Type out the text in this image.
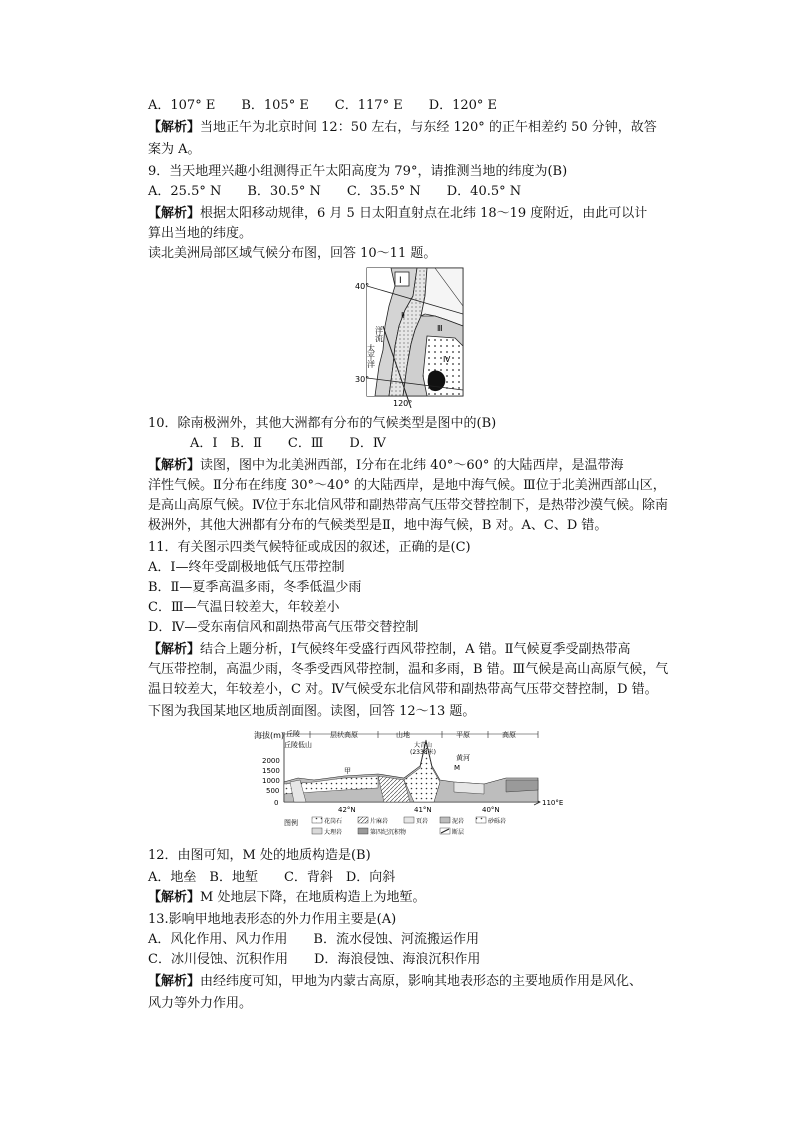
A．107° E　　B．105° E　　C．117° E　　D．120° E
【解析】当地正午为北京时间 12：50 左右，与东经 120° 的正午相差约 50 分钟，故答
案为 A。
9．当天地理兴趣小组测得正午太阳高度为 79°，请推测当地的纬度为(B)
A．25.5° N　　B．30.5° N　　C．35.5° N　　D．40.5° N
【解析】根据太阳移动规律，6 月 5 日太阳直射点在北纬 18～19 度附近，由此可以计
算出当地的纬度。
读北美洲局部区域气候分布图，回答 10～11 题。
40°
30°
120°
Ⅰ
Ⅱ
Ⅲ
Ⅳ
洋流
太平洋
10．除南极洲外，其他大洲都有分布的气候类型是图中的(B)
A．Ⅰ　B．Ⅱ　　C．Ⅲ　　D．Ⅳ
【解析】读图，图中为北美洲西部，Ⅰ分布在北纬 40°～60° 的大陆西岸，是温带海
洋性气候。Ⅱ分布在纬度 30°～40° 的大陆西岸，是地中海气候。Ⅲ位于北美洲西部山区，
是高山高原气候。Ⅳ位于东北信风带和副热带高气压带交替控制下，是热带沙漠气候。除南
极洲外，其他大洲都有分布的气候类型是Ⅱ，地中海气候，B 对。A、C、D 错。
11．有关图示四类气候特征或成因的叙述，正确的是(C)
A．Ⅰ—终年受副极地低气压带控制
B．Ⅱ—夏季高温多雨，冬季低温少雨
C．Ⅲ—气温日较差大，年较差小
D．Ⅳ—受东南信风和副热带高气压带交替控制
【解析】结合上题分析，Ⅰ气候终年受盛行西风带控制，A 错。Ⅱ气候夏季受副热带高
气压带控制，高温少雨，冬季受西风带控制，温和多雨，B 错。Ⅲ气候是高山高原气候，气
温日较差大，年较差小，C 对。Ⅳ气候受东北信风带和副热带高气压带交替控制，D 错。
下图为我国某地区地质剖面图。读图，回答 12～13 题。
海拔(m)
2000
1500
1000
500
0
丘陵
丘陵低山
层状高原	山地	平原	高原
大青山
(2338米)
甲	M
黄河
42°N	41°N	40°N
110°E
图例	花岗石	片麻岩	页岩	泥岩	砂砾岩
大理岩	第四纪沉积物	断层
12．由图可知，M 处的地质构造是(B)
A．地垒　B．地堑　　C．背斜　D．向斜
【解析】M 处地层下降，在地质构造上为地堑。
13.影响甲地地表形态的外力作用主要是(A)
A．风化作用、风力作用　　B．流水侵蚀、河流搬运作用
C．冰川侵蚀、沉积作用　　D．海浪侵蚀、海浪沉积作用
【解析】由经纬度可知，甲地为内蒙古高原，影响其地表形态的主要地质作用是风化、
风力等外力作用。
